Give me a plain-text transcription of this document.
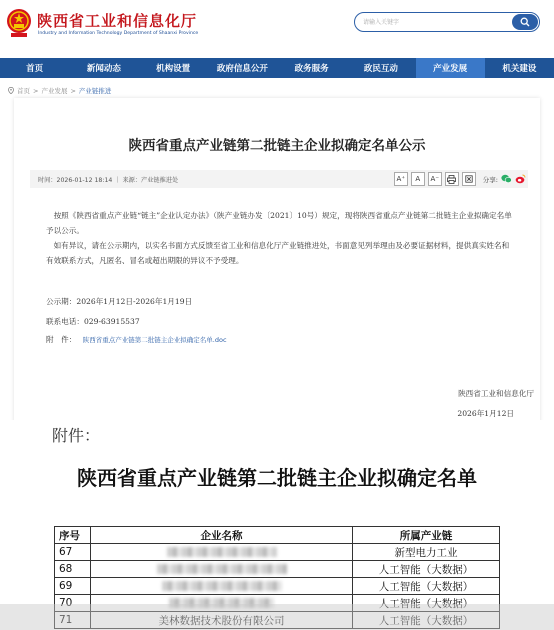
陕西省工业和信息化厅
Industry and Information Technology Department of Shaanxi Province
请输入关键字
首页	新闻动态	机构设置	政府信息公开	政务服务	政民互动	产业发展	机关建设
首页 > 产业发展 > 产业链推进
陕西省重点产业链第二批链主企业拟确定名单公示
时间：2026-01-12 18:14 ｜ 来源：产业链推进处	A⁺	A	A⁻	分享:

按照《陕西省重点产业链“链主”企业认定办法》（陕产业链办发〔2021〕10号）规定，现将陕西省重点产业链第二批链主企业拟确定名单予以公示。

如有异议，请在公示期内，以实名书面方式反馈至省工业和信息化厅产业链推进处，书面意见列举理由及必要证据材料，提供真实姓名和有效联系方式，凡匿名、冒名或超出期限的异议不予受理。

公示期：2026年1月12日-2026年1月19日
联系电话：029-63915537
附　件： 陕西省重点产业链第二批链主企业拟确定名单.doc
陕西省工业和信息化厅
2026年1月12日
附件：
陕西省重点产业链第二批链主企业拟确定名单
序号	企业名称	所属产业链
67		新型电力工业
68		人工智能（大数据）
69		人工智能（大数据）
70		人工智能（大数据）
71	美林数据技术股份有限公司	人工智能（大数据）
